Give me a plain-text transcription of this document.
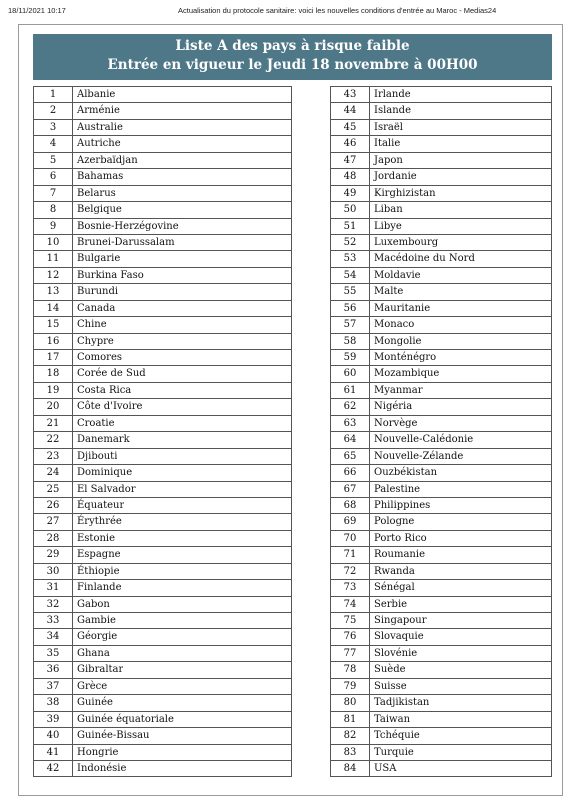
18/11/2021 10:17	Actualisation du protocole sanitaire: voici les nouvelles conditions d'entrée au Maroc - Medias24
Liste A des pays à risque faible
Entrée en vigueur le Jeudi 18 novembre à 00H00
1	Albanie
2	Arménie
3	Australie
4	Autriche
5	Azerbaïdjan
6	Bahamas
7	Belarus
8	Belgique
9	Bosnie-Herzégovine
10	Brunei-Darussalam
11	Bulgarie
12	Burkina Faso
13	Burundi
14	Canada
15	Chine
16	Chypre
17	Comores
18	Corée de Sud
19	Costa Rica
20	Côte d'Ivoire
21	Croatie
22	Danemark
23	Djibouti
24	Dominique
25	El Salvador
26	Équateur
27	Érythrée
28	Estonie
29	Espagne
30	Éthiopie
31	Finlande
32	Gabon
33	Gambie
34	Géorgie
35	Ghana
36	Gibraltar
37	Grèce
38	Guinée
39	Guinée équatoriale
40	Guinée-Bissau
41	Hongrie
42	Indonésie
43	Irlande
44	Islande
45	Israël
46	Italie
47	Japon
48	Jordanie
49	Kirghizistan
50	Liban
51	Libye
52	Luxembourg
53	Macédoine du Nord
54	Moldavie
55	Malte
56	Mauritanie
57	Monaco
58	Mongolie
59	Monténégro
60	Mozambique
61	Myanmar
62	Nigéria
63	Norvège
64	Nouvelle-Calédonie
65	Nouvelle-Zélande
66	Ouzbékistan
67	Palestine
68	Philippines
69	Pologne
70	Porto Rico
71	Roumanie
72	Rwanda
73	Sénégal
74	Serbie
75	Singapour
76	Slovaquie
77	Slovénie
78	Suède
79	Suisse
80	Tadjikistan
81	Taiwan
82	Tchéquie
83	Turquie
84	USA
